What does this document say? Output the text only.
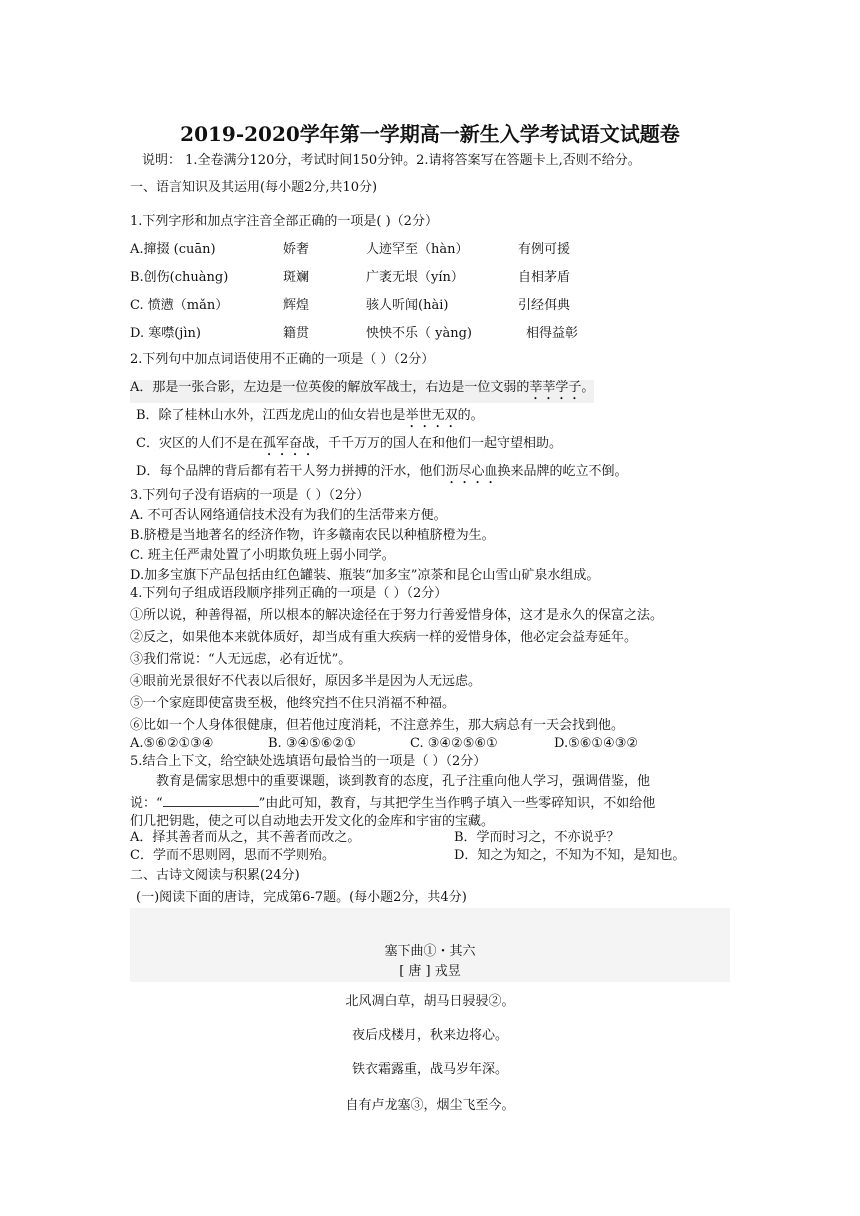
2019-2020学年第一学期高一新生入学考试语文试题卷
说明： 1.全卷满分120分，考试时间150分钟。2.请将答案写在答题卡上,否则不给分。
一、语言知识及其运用(每小题2分,共10分)
1.下列字形和加点字注音全部正确的一项是( )（2分）
A.撺掇 (cuān)	娇奢	人迹罕至（hàn）	有例可援
B.创伤(chuàng)	斑斓	广袤无垠（yín）	自相茅盾
C. 愤懑（mǎn）	辉煌	骇人听闻(hài)	引经佴典
D. 寒噤(jìn)	籍贯	怏怏不乐（ yàng)	相得益彰
2.下列句中加点词语使用不正确的一项是（ ）（2分）
A．那是一张合影，左边是一位英俊的解放军战士，右边是一位文弱的莘莘学子。
B．除了桂林山水外，江西龙虎山的仙女岩也是举世无双的。
C．灾区的人们不是在孤军奋战，千千万万的国人在和他们一起守望相助。
D．每个品牌的背后都有若干人努力拼搏的汗水，他们沥尽心血换来品牌的屹立不倒。
3.下列句子没有语病的一项是（ ）（2分）
A. 不可否认网络通信技术没有为我们的生活带来方便。
B.脐橙是当地著名的经济作物，许多赣南农民以种植脐橙为生。
C. 班主任严肃处置了小明欺负班上弱小同学。
D.加多宝旗下产品包括由红色罐装、瓶装“加多宝”凉茶和昆仑山雪山矿泉水组成。
4.下列句子组成语段顺序排列正确的一项是（ ）（2分）
①所以说，种善得福，所以根本的解决途径在于努力行善爱惜身体，这才是永久的保富之法。
②反之，如果他本来就体质好，却当成有重大疾病一样的爱惜身体，他必定会益寿延年。
③我们常说：“人无远虑，必有近忧”。
④眼前光景很好不代表以后很好，原因多半是因为人无远虑。
⑤一个家庭即使富贵至极，他终究挡不住只消福不种福。
⑥比如一个人身体很健康，但若他过度消耗，不注意养生，那大病总有一天会找到他。
A.⑤⑥②①③④	B. ③④⑤⑥②①	C. ③④②⑤⑥①	D.⑤⑥①④③②
5.结合上下文，给空缺处选填语句最恰当的一项是（ ）（2分）
教育是儒家思想中的重要课题，谈到教育的态度，孔子注重向他人学习，强调借鉴，他
说：“	”由此可知，教育，与其把学生当作鸭子填入一些零碎知识，不如给他
们几把钥匙，使之可以自动地去开发文化的金库和宇宙的宝藏。
A．择其善者而从之，其不善者而改之。	B．学而时习之，不亦说乎？
C．学而不思则罔，思而不学则殆。	D．知之为知之，不知为不知，是知也。
二、古诗文阅读与积累(24分)
(一)阅读下面的唐诗，完成第6-7题。(每小题2分，共4分)
塞下曲①・其六
[ 唐 ] 戎昱
北风凋白草，胡马日骎骎②。
夜后戍楼月，秋来边将心。
铁衣霜露重，战马岁年深。
自有卢龙塞③，烟尘飞至今。
